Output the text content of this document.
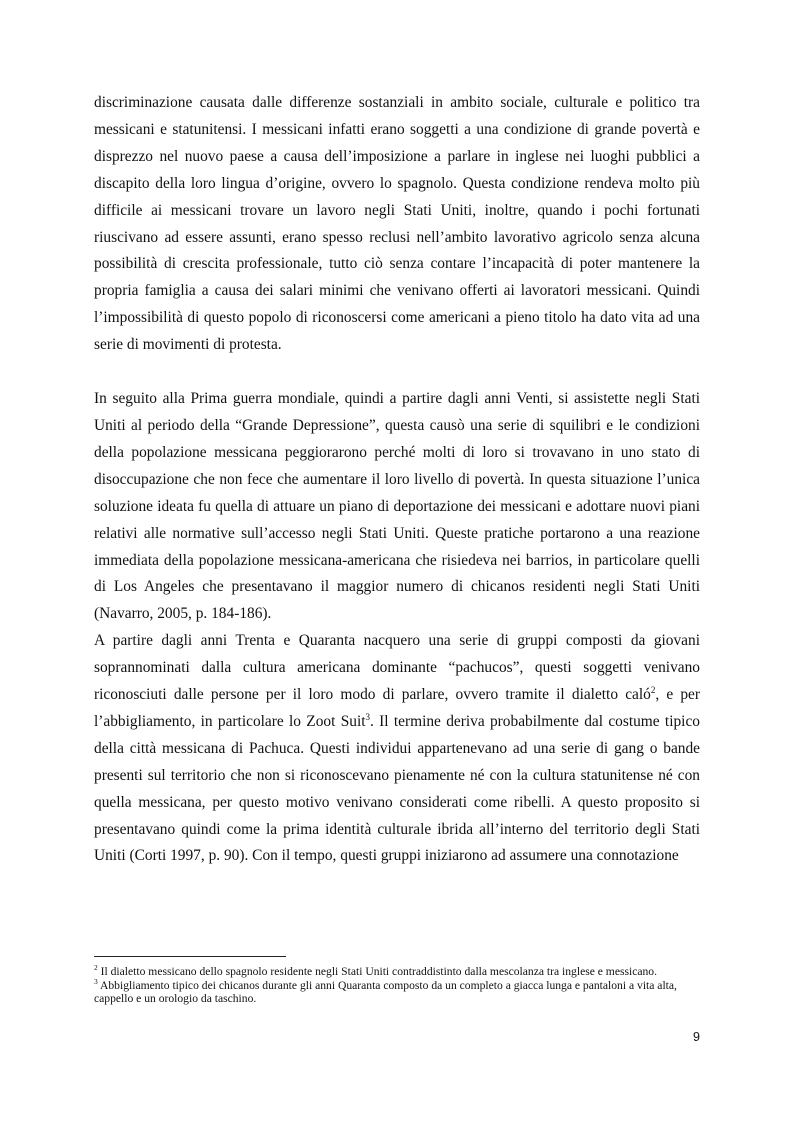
discriminazione causata dalle differenze sostanziali in ambito sociale, culturale e politico tra messicani e statunitensi. I messicani infatti erano soggetti a una condizione di grande povertà e disprezzo nel nuovo paese a causa dell’imposizione a parlare in inglese nei luoghi pubblici a discapito della loro lingua d’origine, ovvero lo spagnolo. Questa condizione rendeva molto più difficile ai messicani trovare un lavoro negli Stati Uniti, inoltre, quando i pochi fortunati riuscivano ad essere assunti, erano spesso reclusi nell’ambito lavorativo agricolo senza alcuna possibilità di crescita professionale, tutto ciò senza contare l’incapacità di poter mantenere la propria famiglia a causa dei salari minimi che venivano offerti ai lavoratori messicani. Quindi l’impossibilità di questo popolo di riconoscersi come americani a pieno titolo ha dato vita ad una serie di movimenti di protesta.

In seguito alla Prima guerra mondiale, quindi a partire dagli anni Venti, si assistette negli Stati Uniti al periodo della “Grande Depressione”, questa causò una serie di squilibri e le condizioni della popolazione messicana peggiorarono perché molti di loro si trovavano in uno stato di disoccupazione che non fece che aumentare il loro livello di povertà. In questa situazione l’unica soluzione ideata fu quella di attuare un piano di deportazione dei messicani e adottare nuovi piani relativi alle normative sull’accesso negli Stati Uniti. Queste pratiche portarono a una reazione immediata della popolazione messicana-americana che risiedeva nei barrios, in particolare quelli di Los Angeles che presentavano il maggior numero di chicanos residenti negli Stati Uniti (Navarro, 2005, p. 184-186).

A partire dagli anni Trenta e Quaranta nacquero una serie di gruppi composti da giovani soprannominati dalla cultura americana dominante “pachucos”, questi soggetti venivano riconosciuti dalle persone per il loro modo di parlare, ovvero tramite il dialetto caló$^2$, e per l’abbigliamento, in particolare lo Zoot Suit$^3$. Il termine deriva probabilmente dal costume tipico della città messicana di Pachuca. Questi individui appartenevano ad una serie di gang o bande presenti sul territorio che non si riconoscevano pienamente né con la cultura statunitense né con quella messicana, per questo motivo venivano considerati come ribelli. A questo proposito si presentavano quindi come la prima identità culturale ibrida all’interno del territorio degli Stati Uniti (Corti 1997, p. 90). Con il tempo, questi gruppi iniziarono ad assumere una connotazione

$^2$ Il dialetto messicano dello spagnolo residente negli Stati Uniti contraddistinto dalla mescolanza tra inglese e messicano.

$^3$ Abbigliamento tipico dei chicanos durante gli anni Quaranta composto da un completo a giacca lunga e pantaloni a vita alta, cappello e un orologio da taschino.

9
